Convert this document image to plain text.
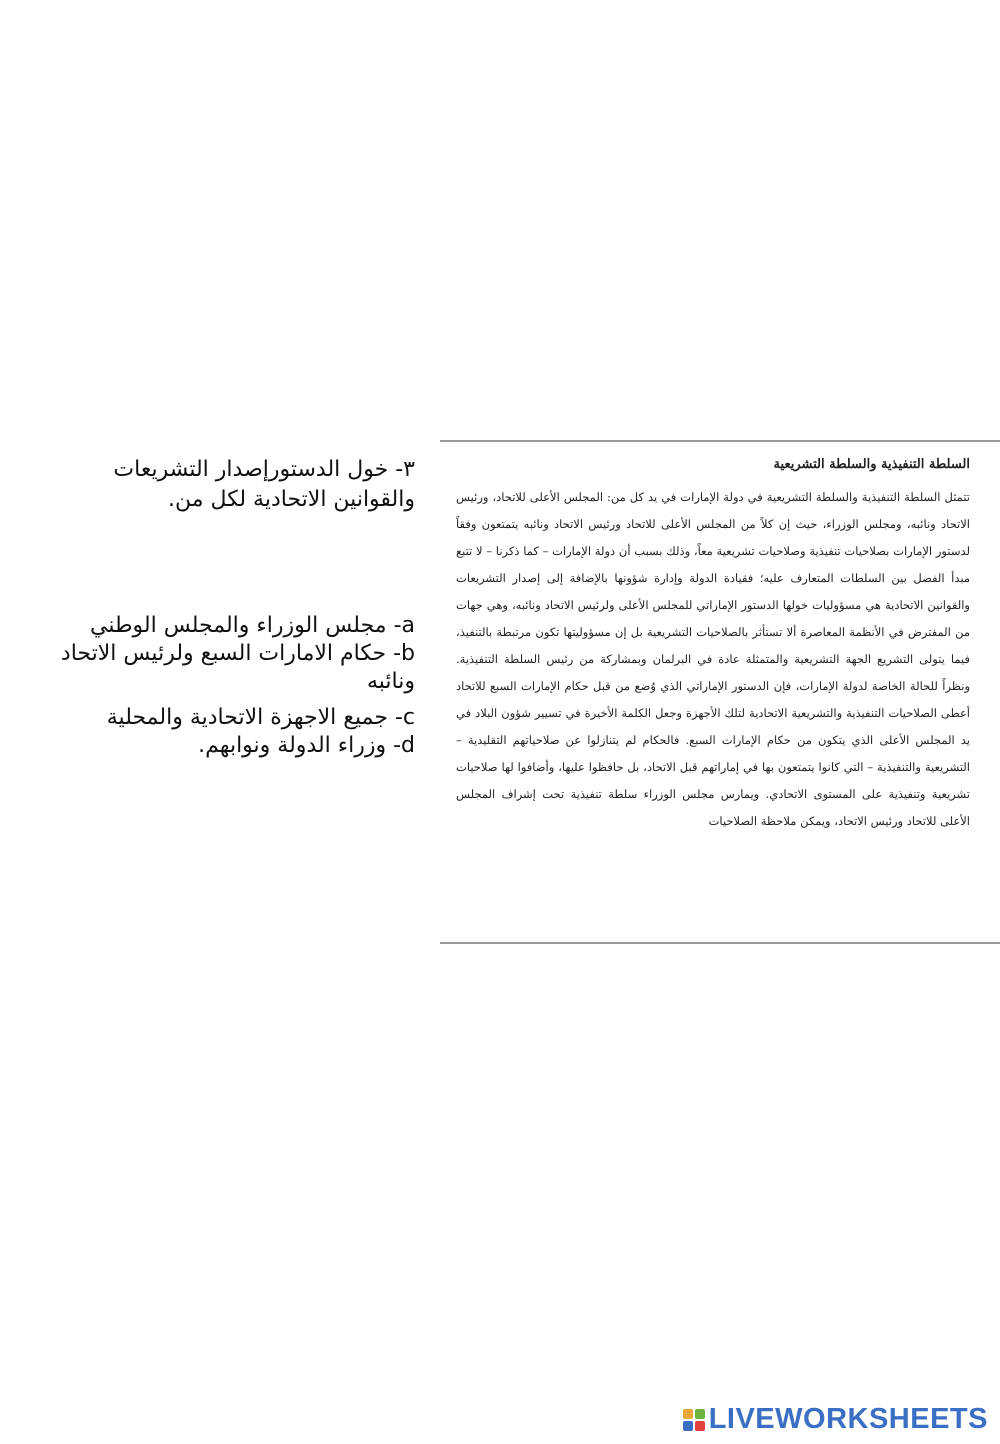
٣- خول الدستورإصدار التشريعات والقوانين الاتحادية لكل من.

a- مجلس الوزراء والمجلس الوطني
b- حكام الامارات السبع ولرئيس الاتحاد ونائبه
c- جميع الاجهزة الاتحادية والمحلية
d- وزراء الدولة ونوابهم.

السلطة التنفيذية والسلطة التشريعية

تتمثل السلطة التنفيذية والسلطة التشريعية في دولة الإمارات في يد كل من: المجلس الأعلى للاتحاد، ورئيس الاتحاد ونائبه، ومجلس الوزراء، حيث إن كلاً من المجلس الأعلى للاتحاد ورئيس الاتحاد ونائبه يتمتعون وفقاً لدستور الإمارات بصلاحيات تنفيذية وصلاحيات تشريعية معاً، وذلك بسبب أن دولة الإمارات – كما ذكرنا – لا تتبع مبدأ الفصل بين السلطات المتعارف عليه؛ فقيادة الدولة وإدارة شؤونها بالإضافة إلى إصدار التشريعات والقوانين الاتحادية هي مسؤوليات خولها الدستور الإماراتي للمجلس الأعلى ولرئيس الاتحاد ونائبه، وهي جهات من المفترض في الأنظمة المعاصرة ألا تستأثر بالصلاحيات التشريعية بل إن مسؤوليتها تكون مرتبطة بالتنفيذ، فيما يتولى التشريع الجهة التشريعية والمتمثلة عادة في البرلمان وبمشاركة من رئيس السلطة التنفيذية. ونظراً للحالة الخاصة لدولة الإمارات، فإن الدستور الإماراتي الذي وُضع من قبل حكام الإمارات السبع للاتحاد أعطى الصلاحيات التنفيذية والتشريعية الاتحادية لتلك الأجهزة وجعل الكلمة الأخيرة في تسيير شؤون البلاد في يد المجلس الأعلى الذي يتكون من حكام الإمارات السبع. فالحكام لم يتنازلوا عن صلاحياتهم التقليدية – التشريعية والتنفيذية – التي كانوا يتمتعون بها في إماراتهم قبل الاتحاد، بل حافظوا عليها، وأضافوا لها صلاحيات تشريعية وتنفيذية على المستوى الاتحادي. ويمارس مجلس الوزراء سلطة تنفيذية تحت إشراف المجلس الأعلى للاتحاد ورئيس الاتحاد، ويمكن ملاحظة الصلاحيات

LIVEWORKSHEETS
